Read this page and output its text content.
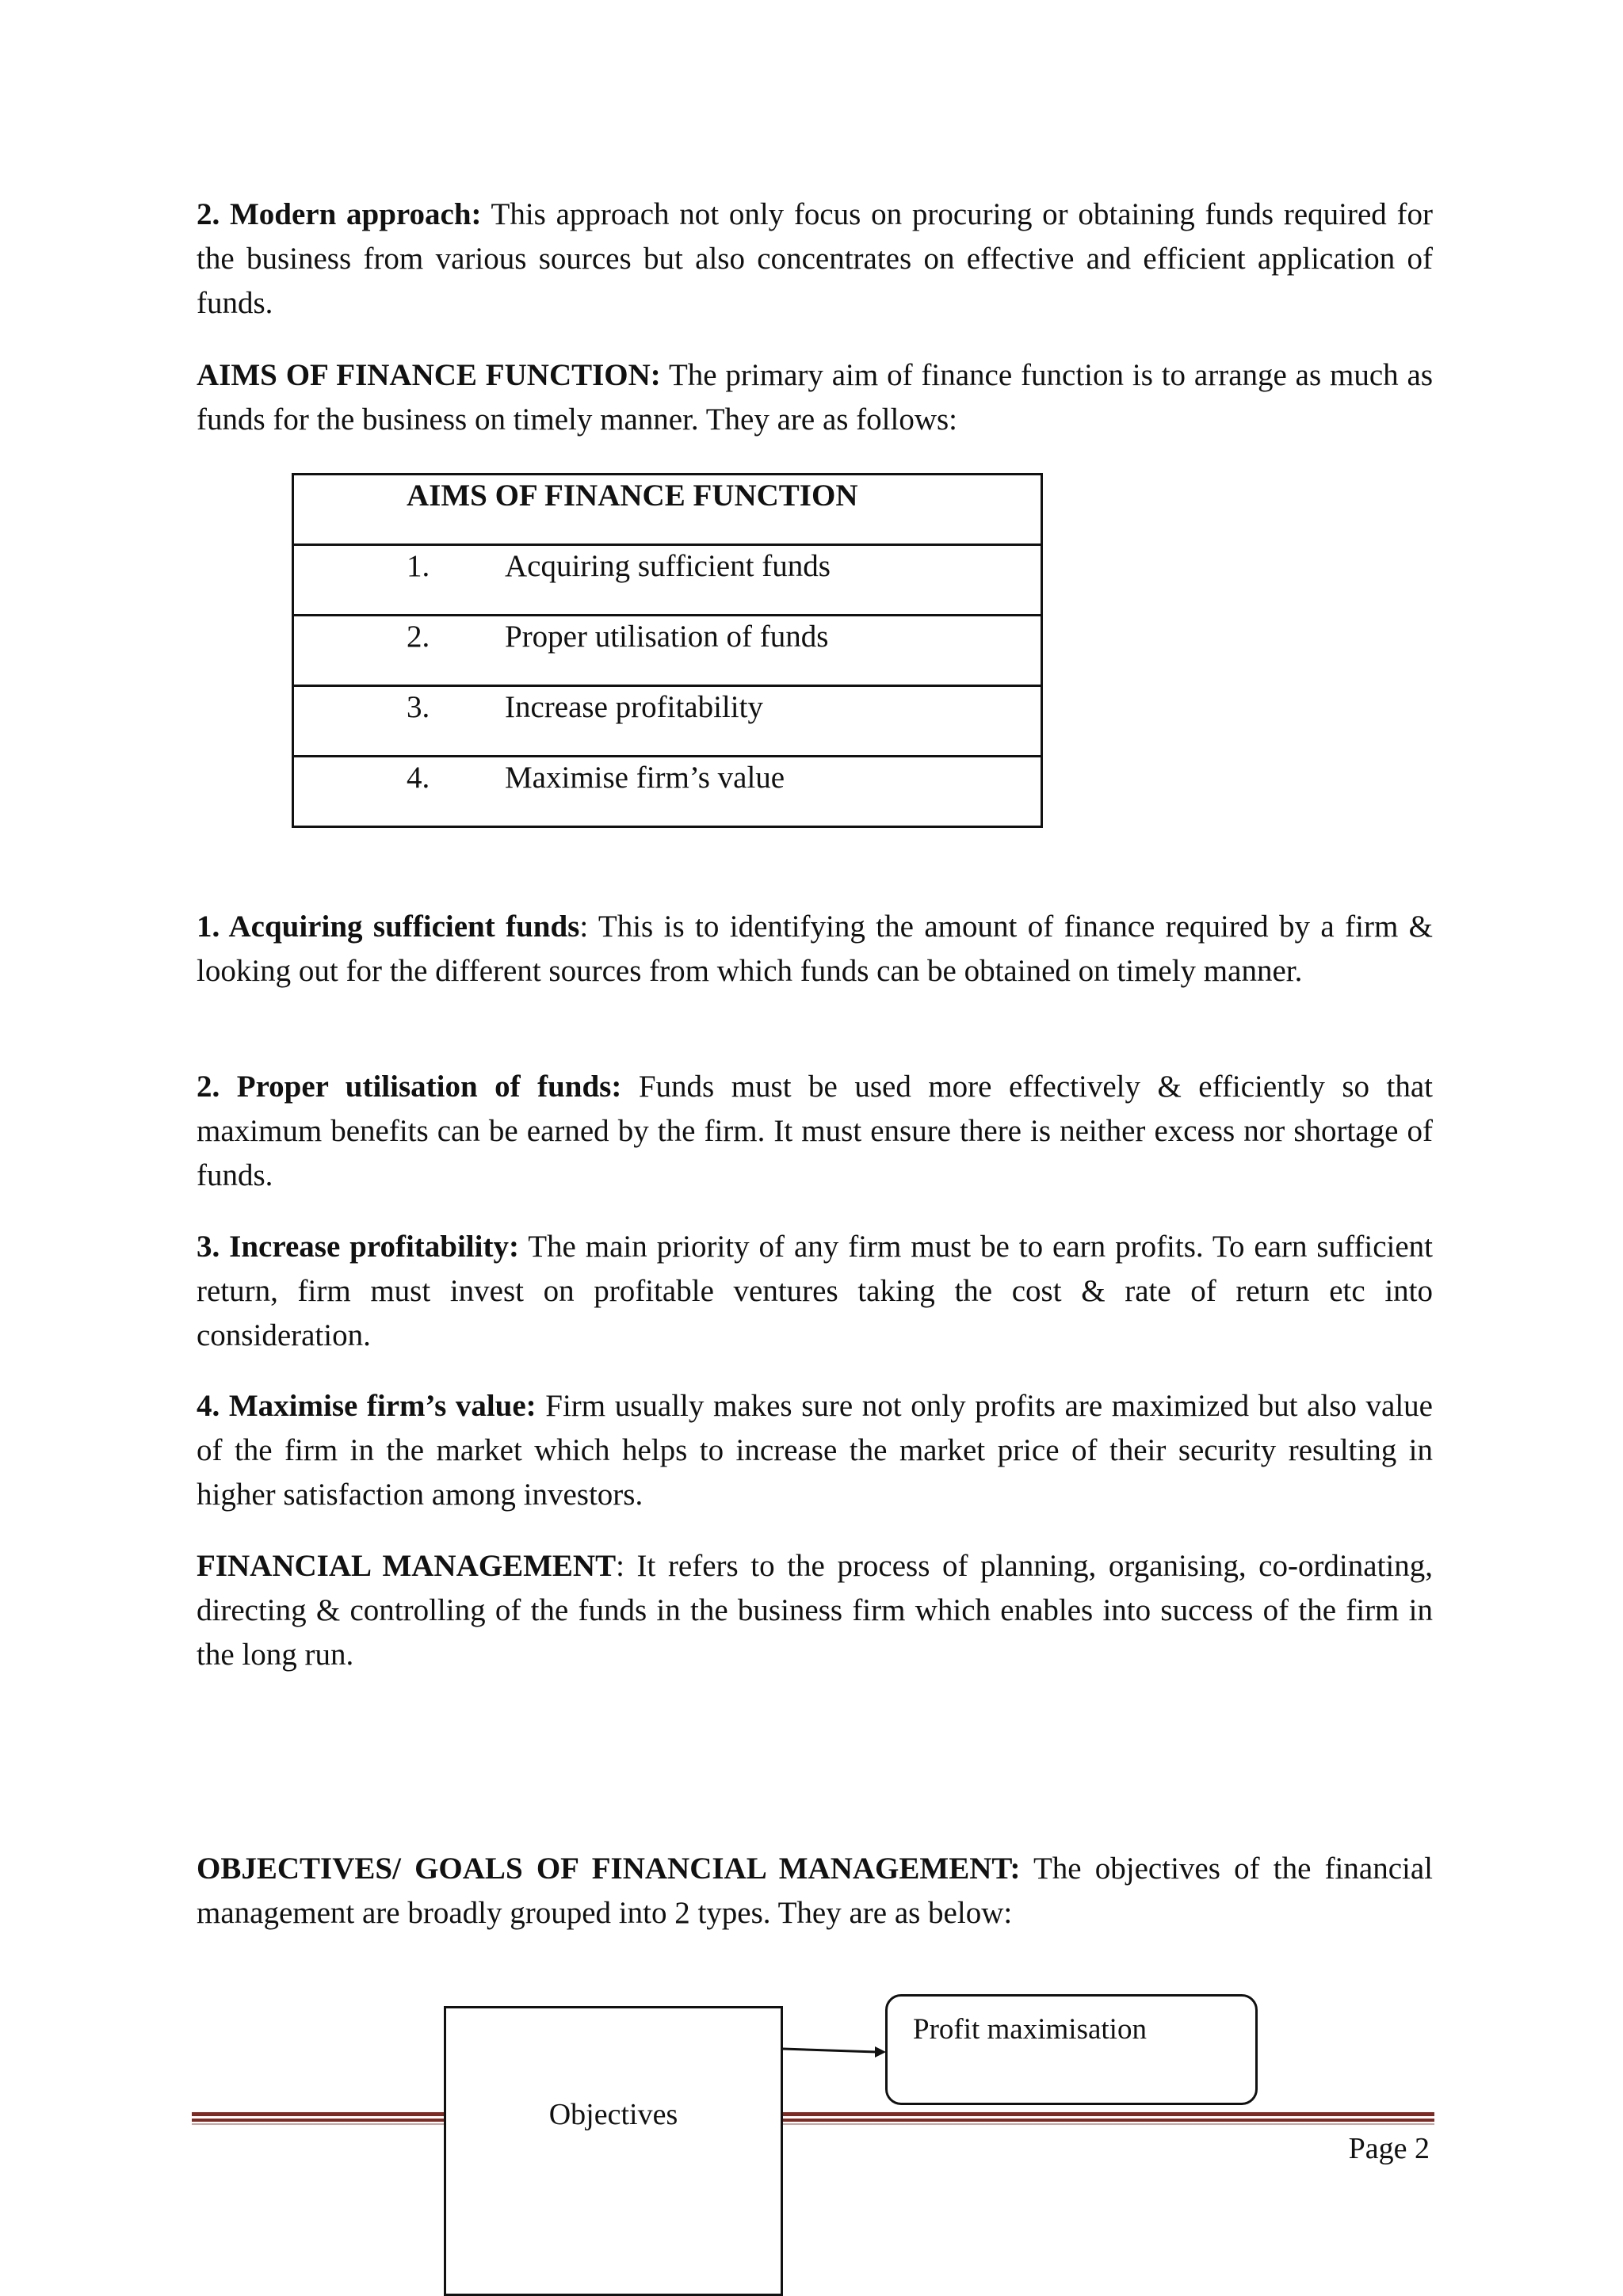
2. Modern approach: This approach not only focus on procuring or obtaining funds required for the business from various sources but also concentrates on effective and efficient application of funds.

AIMS OF FINANCE FUNCTION: The primary aim of finance function is to arrange as much as funds for the business on timely manner. They are as follows:

AIMS OF FINANCE FUNCTION

1. Acquiring sufficient funds

2. Proper utilisation of funds

3. Increase profitability

4. Maximise firm’s value

1. Acquiring sufficient funds: This is to identifying the amount of finance required by a firm & looking out for the different sources from which funds can be obtained on timely manner.

2. Proper utilisation of funds: Funds must be used more effectively & efficiently so that maximum benefits can be earned by the firm. It must ensure there is neither excess nor shortage of funds.

3. Increase profitability: The main priority of any firm must be to earn profits. To earn sufficient return, firm must invest on profitable ventures taking the cost & rate of return etc into consideration.

4. Maximise firm’s value: Firm usually makes sure not only profits are maximized but also value of the firm in the market which helps to increase the market price of their security resulting in higher satisfaction among investors.

FINANCIAL MANAGEMENT: It refers to the process of planning, organising, co-ordinating, directing & controlling of the funds in the business firm which enables into success of the firm in the long run.

OBJECTIVES/ GOALS OF FINANCIAL MANAGEMENT: The objectives of the financial management are broadly grouped into 2 types. They are as below:

Objectives
Profit maximisation
Page 2
